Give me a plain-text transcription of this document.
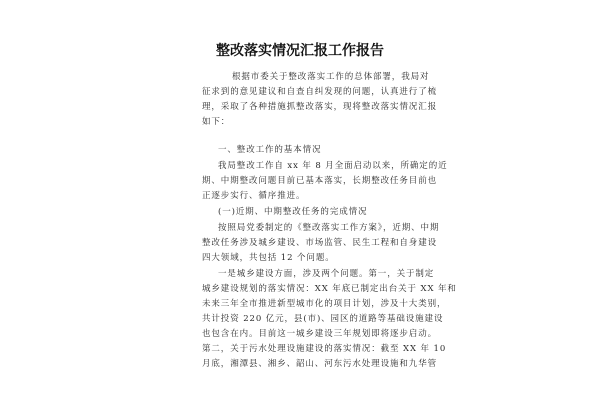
整改落实情况汇报工作报告
根据市委关于整改落实工作的总体部署，我局对
征求到的意见建议和自查自纠发现的问题，认真进行了梳
理，采取了各种措施抓整改落实，现将整改落实情况汇报
如下：
一、整改工作的基本情况
我局整改工作自 xx 年 8 月全面启动以来，所确定的近
期、中期整改问题目前已基本落实，长期整改任务目前也
正逐步实行、循序推进。
(一)近期、中期整改任务的完成情况
按照局党委制定的《整改落实工作方案》，近期、中期
整改任务涉及城乡建设、市场监管、民生工程和自身建设
四大领域，共包括 12 个问题。
一是城乡建设方面，涉及两个问题。第一，关于制定
城乡建设规划的落实情况：XX 年底已制定出台关于 XX 年和
未来三年全市推进新型城市化的项目计划，涉及十大类别，
共计投资 220 亿元，县(市)、园区的道路等基础设施建设
也包含在内。目前这一城乡建设三年规划即将逐步启动。
第二，关于污水处理设施建设的落实情况：截至 XX 年 10
月底，湘潭县、湘乡、韶山、河东污水处理设施和九华管
